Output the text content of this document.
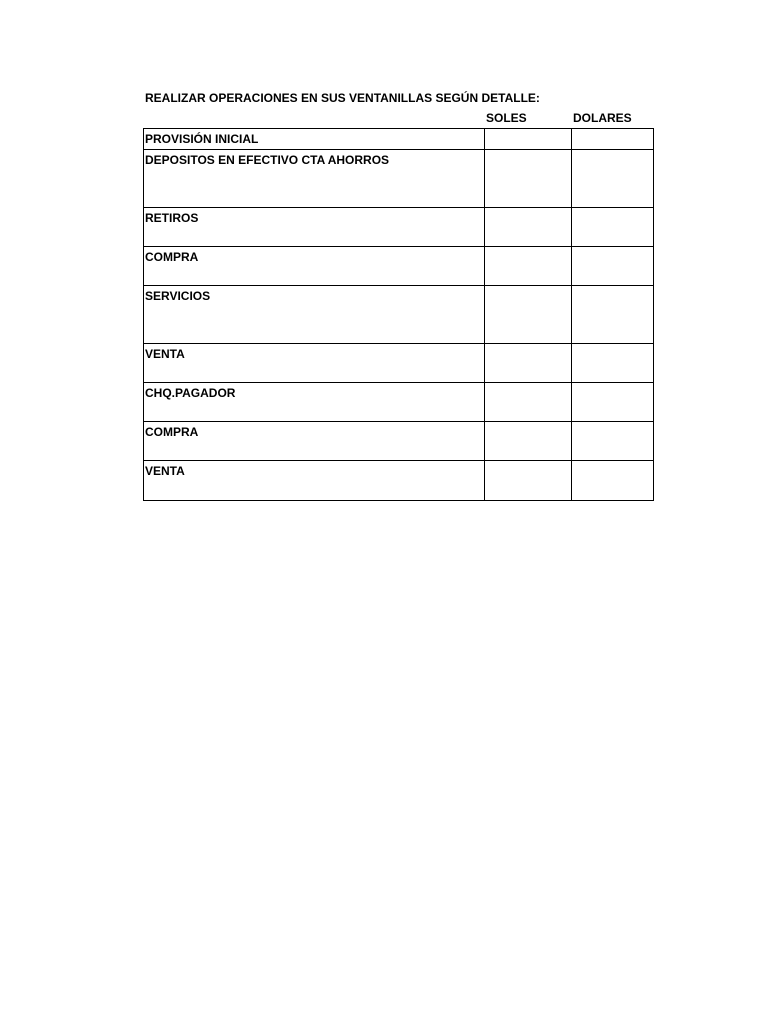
REALIZAR OPERACIONES EN SUS VENTANILLAS SEGÚN DETALLE:
SOLES	DOLARES
PROVISIÓN INICIAL		
DEPOSITOS EN EFECTIVO CTA AHORROS		
RETIROS		
COMPRA		
SERVICIOS		
VENTA		
CHQ.PAGADOR		
COMPRA		
VENTA		
